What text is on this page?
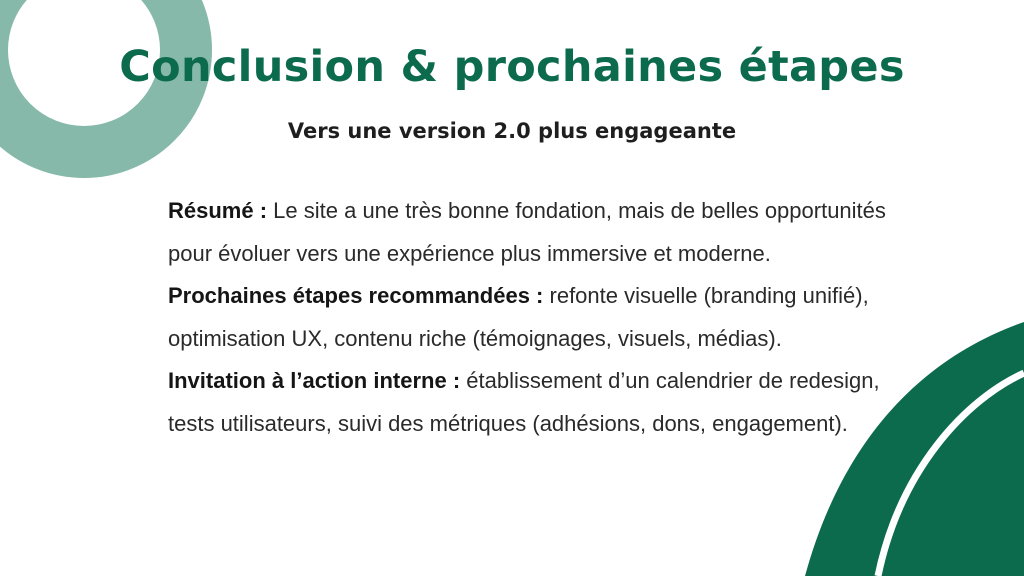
Conclusion & prochaines étapes
Vers une version 2.0 plus engageante

Résumé : Le site a une très bonne fondation, mais de belles opportunités pour évoluer vers une expérience plus immersive et moderne.

Prochaines étapes recommandées : refonte visuelle (branding unifié), optimisation UX, contenu riche (témoignages, visuels, médias).

Invitation à l’action interne : établissement d’un calendrier de redesign, tests utilisateurs, suivi des métriques (adhésions, dons, engagement).
